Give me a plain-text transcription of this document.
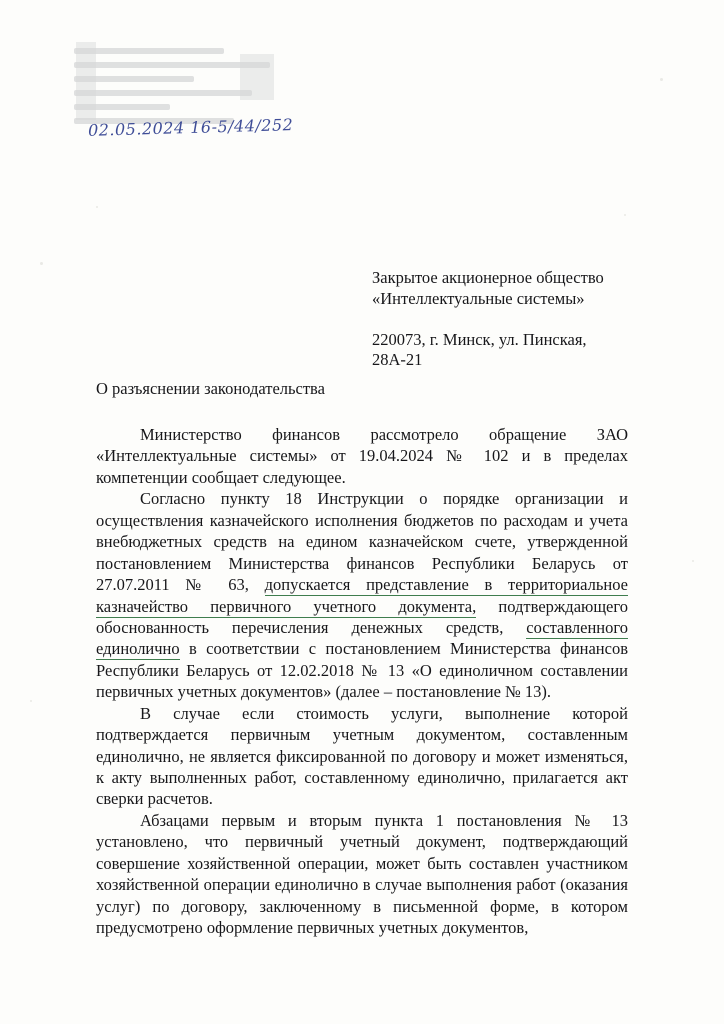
02.05.2024 16-5/44/252
Закрытое акционерное общество
«Интеллектуальные системы»
220073, г. Минск, ул. Пинская,
28А-21
О разъяснении законодательства

Министерство финансов рассмотрело обращение ЗАО «Интеллектуальные системы» от 19.04.2024 № 102 и в пределах компетенции сообщает следующее.

Согласно пункту 18 Инструкции о порядке организации и осуществления казначейского исполнения бюджетов по расходам и учета внебюджетных средств на едином казначейском счете, утвержденной постановлением Министерства финансов Республики Беларусь от 27.07.2011 № 63, допускается представление в территориальное казначейство первичного учетного документа, подтверждающего обоснованность перечисления денежных средств, составленного единолично в соответствии с постановлением Министерства финансов Республики Беларусь от 12.02.2018 № 13 «О единоличном составлении первичных учетных документов» (далее – постановление № 13).

В случае если стоимость услуги, выполнение которой подтверждается первичным учетным документом, составленным единолично, не является фиксированной по договору и может изменяться, к акту выполненных работ, составленному единолично, прилагается акт сверки расчетов.

Абзацами первым и вторым пункта 1 постановления № 13 установлено, что первичный учетный документ, подтверждающий совершение хозяйственной операции, может быть составлен участником хозяйственной операции единолично в случае выполнения работ (оказания услуг) по договору, заключенному в письменной форме, в котором предусмотрено оформление первичных учетных документов,
